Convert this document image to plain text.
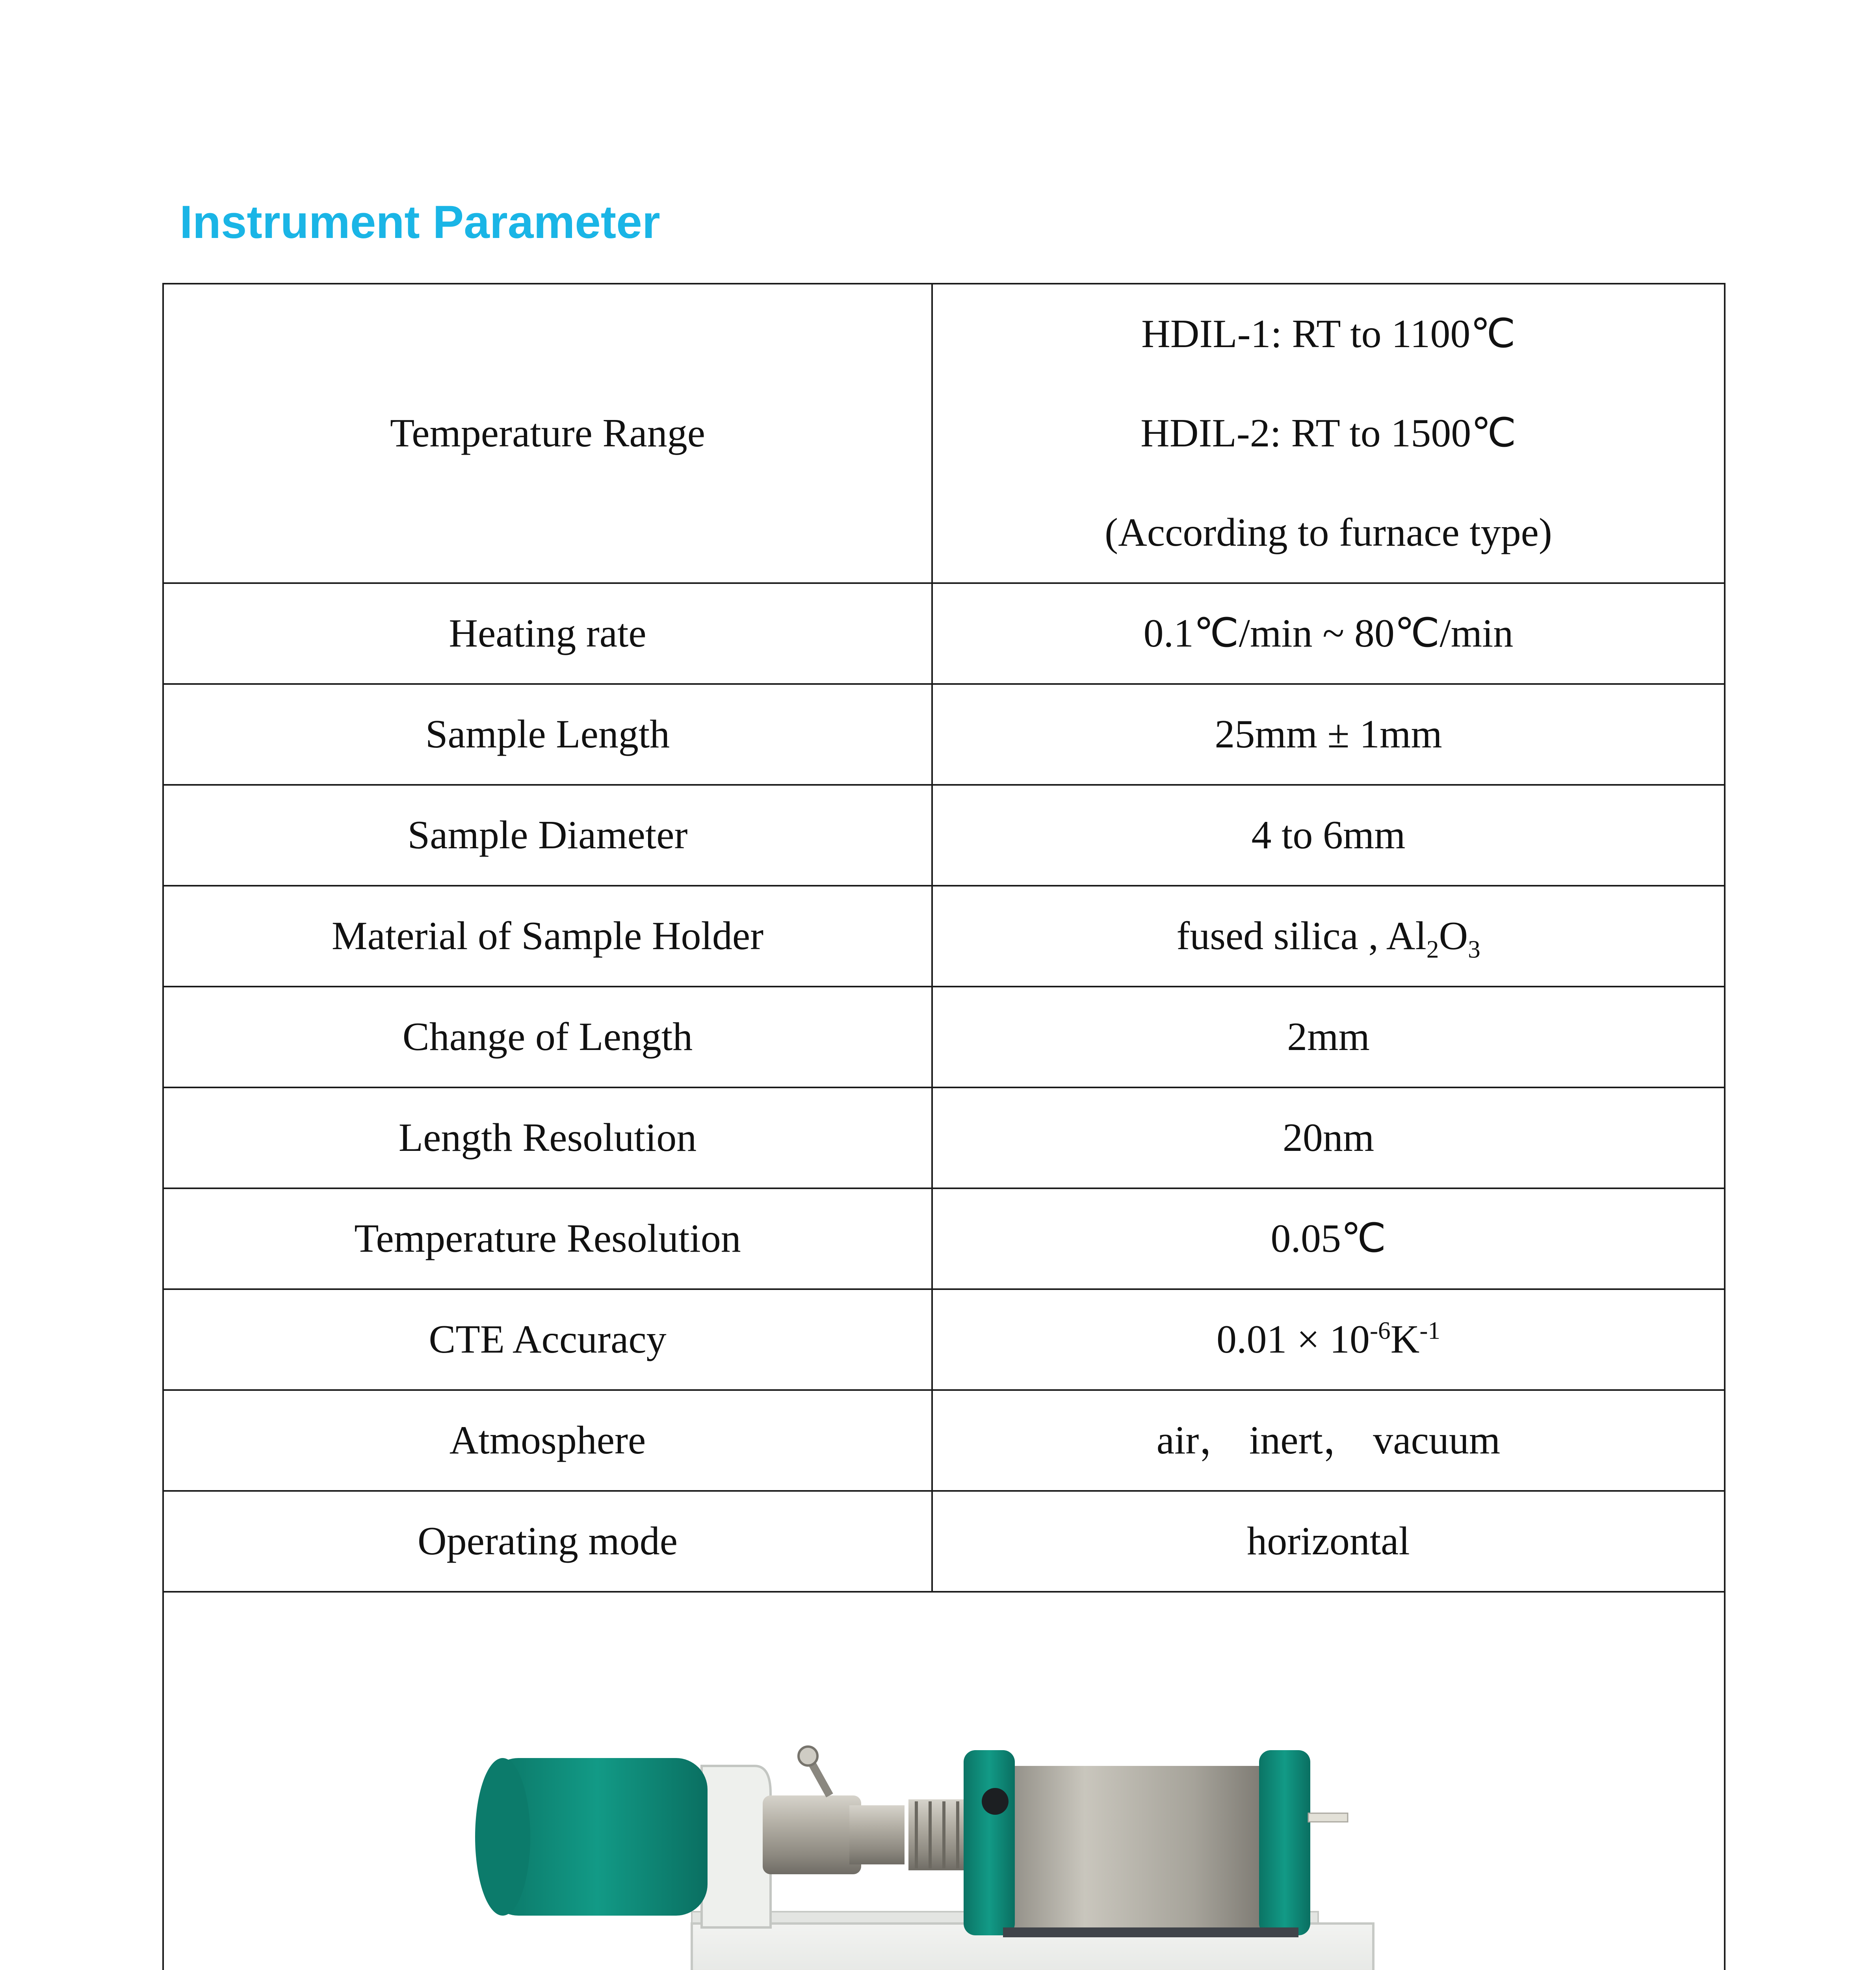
Instrument Parameter
Temperature Range	HDIL-1: RT to 1100℃
HDIL-2: RT to 1500℃
(According to furnace type)

Heating rate	0.1℃/min ~ 80℃/min
Sample Length	25mm ± 1mm
Sample Diameter	4 to 6mm
Material of Sample Holder	fused silica , $Al_2O_3$
Change of Length	2mm
Length Resolution	20nm
Temperature Resolution	0.05℃
CTE Accuracy	$0.01 \times 10^{-6}K^{-1}$
Atmosphere	air， inert， vacuum
Operating mode	horizontal
